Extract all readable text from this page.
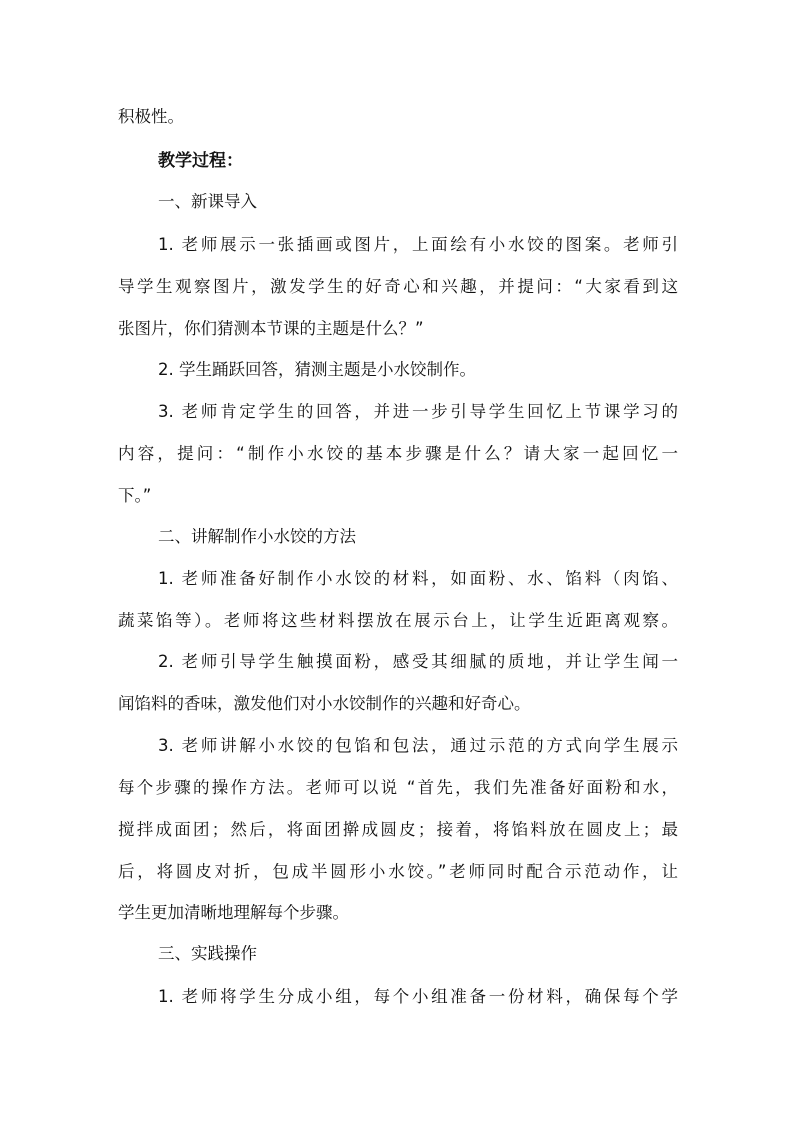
积极性。

教学过程：

一、新课导入

1. 老师展示一张插画或图片，上面绘有小水饺的图案。老师引

导学生观察图片，激发学生的好奇心和兴趣，并提问：“大家看到这

张图片，你们猜测本节课的主题是什么？”

2. 学生踊跃回答，猜测主题是小水饺制作。

3. 老师肯定学生的回答，并进一步引导学生回忆上节课学习的

内容，提问：“制作小水饺的基本步骤是什么？请大家一起回忆一

下。”

二、讲解制作小水饺的方法

1. 老师准备好制作小水饺的材料，如面粉、水、馅料（肉馅、

蔬菜馅等）。老师将这些材料摆放在展示台上，让学生近距离观察。

2. 老师引导学生触摸面粉，感受其细腻的质地，并让学生闻一

闻馅料的香味，激发他们对小水饺制作的兴趣和好奇心。

3. 老师讲解小水饺的包馅和包法，通过示范的方式向学生展示

每个步骤的操作方法。老师可以说 “首先，我们先准备好面粉和水，

搅拌成面团；然后，将面团擀成圆皮；接着，将馅料放在圆皮上；最

后，将圆皮对折，包成半圆形小水饺。”老师同时配合示范动作，让

学生更加清晰地理解每个步骤。

三、实践操作

1. 老师将学生分成小组，每个小组准备一份材料，确保每个学
